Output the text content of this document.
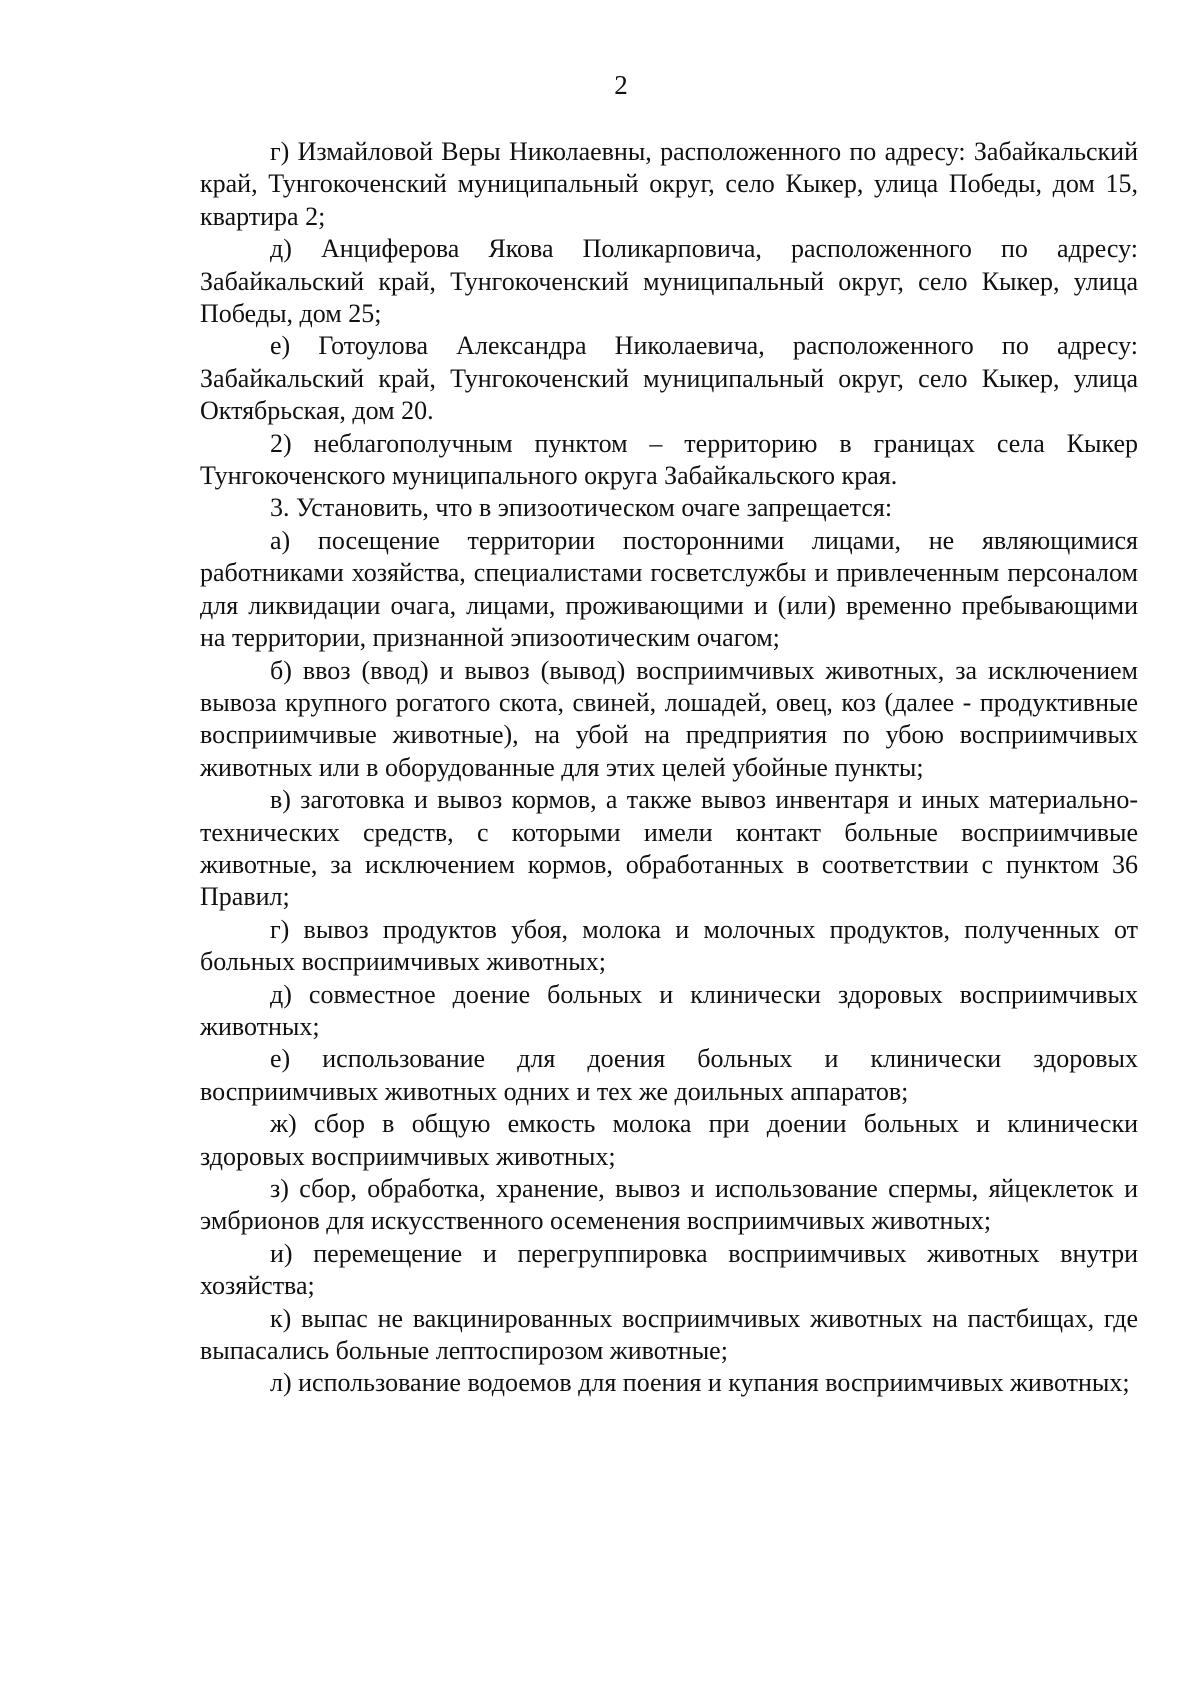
2

г) Измайловой Веры Николаевны, расположенного по адресу: Забайкальский край, Тунгокоченский муниципальный округ, село Кыкер, улица Победы, дом 15, квартира 2;

д) Анциферова Якова Поликарповича, расположенного по адресу: Забайкальский край, Тунгокоченский муниципальный округ, село Кыкер, улица Победы, дом 25;

е) Готоулова Александра Николаевича, расположенного по адресу: Забайкальский край, Тунгокоченский муниципальный округ, село Кыкер, улица Октябрьская, дом 20.

2) неблагополучным пунктом – территорию в границах села Кыкер Тунгокоченского муниципального округа Забайкальского края.

3. Установить, что в эпизоотическом очаге запрещается:

а) посещение территории посторонними лицами, не являющимися работниками хозяйства, специалистами госветслужбы и привлеченным персоналом для ликвидации очага, лицами, проживающими и (или) временно пребывающими на территории, признанной эпизоотическим очагом;

б) ввоз (ввод) и вывоз (вывод) восприимчивых животных, за исключением вывоза крупного рогатого скота, свиней, лошадей, овец, коз (далее - продуктивные восприимчивые животные), на убой на предприятия по убою восприимчивых животных или в оборудованные для этих целей убойные пункты;

в) заготовка и вывоз кормов, а также вывоз инвентаря и иных материально-технических средств, с которыми имели контакт больные восприимчивые животные, за исключением кормов, обработанных в соответствии с пунктом 36 Правил;

г) вывоз продуктов убоя, молока и молочных продуктов, полученных от больных восприимчивых животных;

д) совместное доение больных и клинически здоровых восприимчивых животных;

е) использование для доения больных и клинически здоровых восприимчивых животных одних и тех же доильных аппаратов;

ж) сбор в общую емкость молока при доении больных и клинически здоровых восприимчивых животных;

з) сбор, обработка, хранение, вывоз и использование спермы, яйцеклеток и эмбрионов для искусственного осеменения восприимчивых животных;

и) перемещение и перегруппировка восприимчивых животных внутри хозяйства;

к) выпас не вакцинированных восприимчивых животных на пастбищах, где выпасались больные лептоспирозом животные;

л) использование водоемов для поения и купания восприимчивых животных;
